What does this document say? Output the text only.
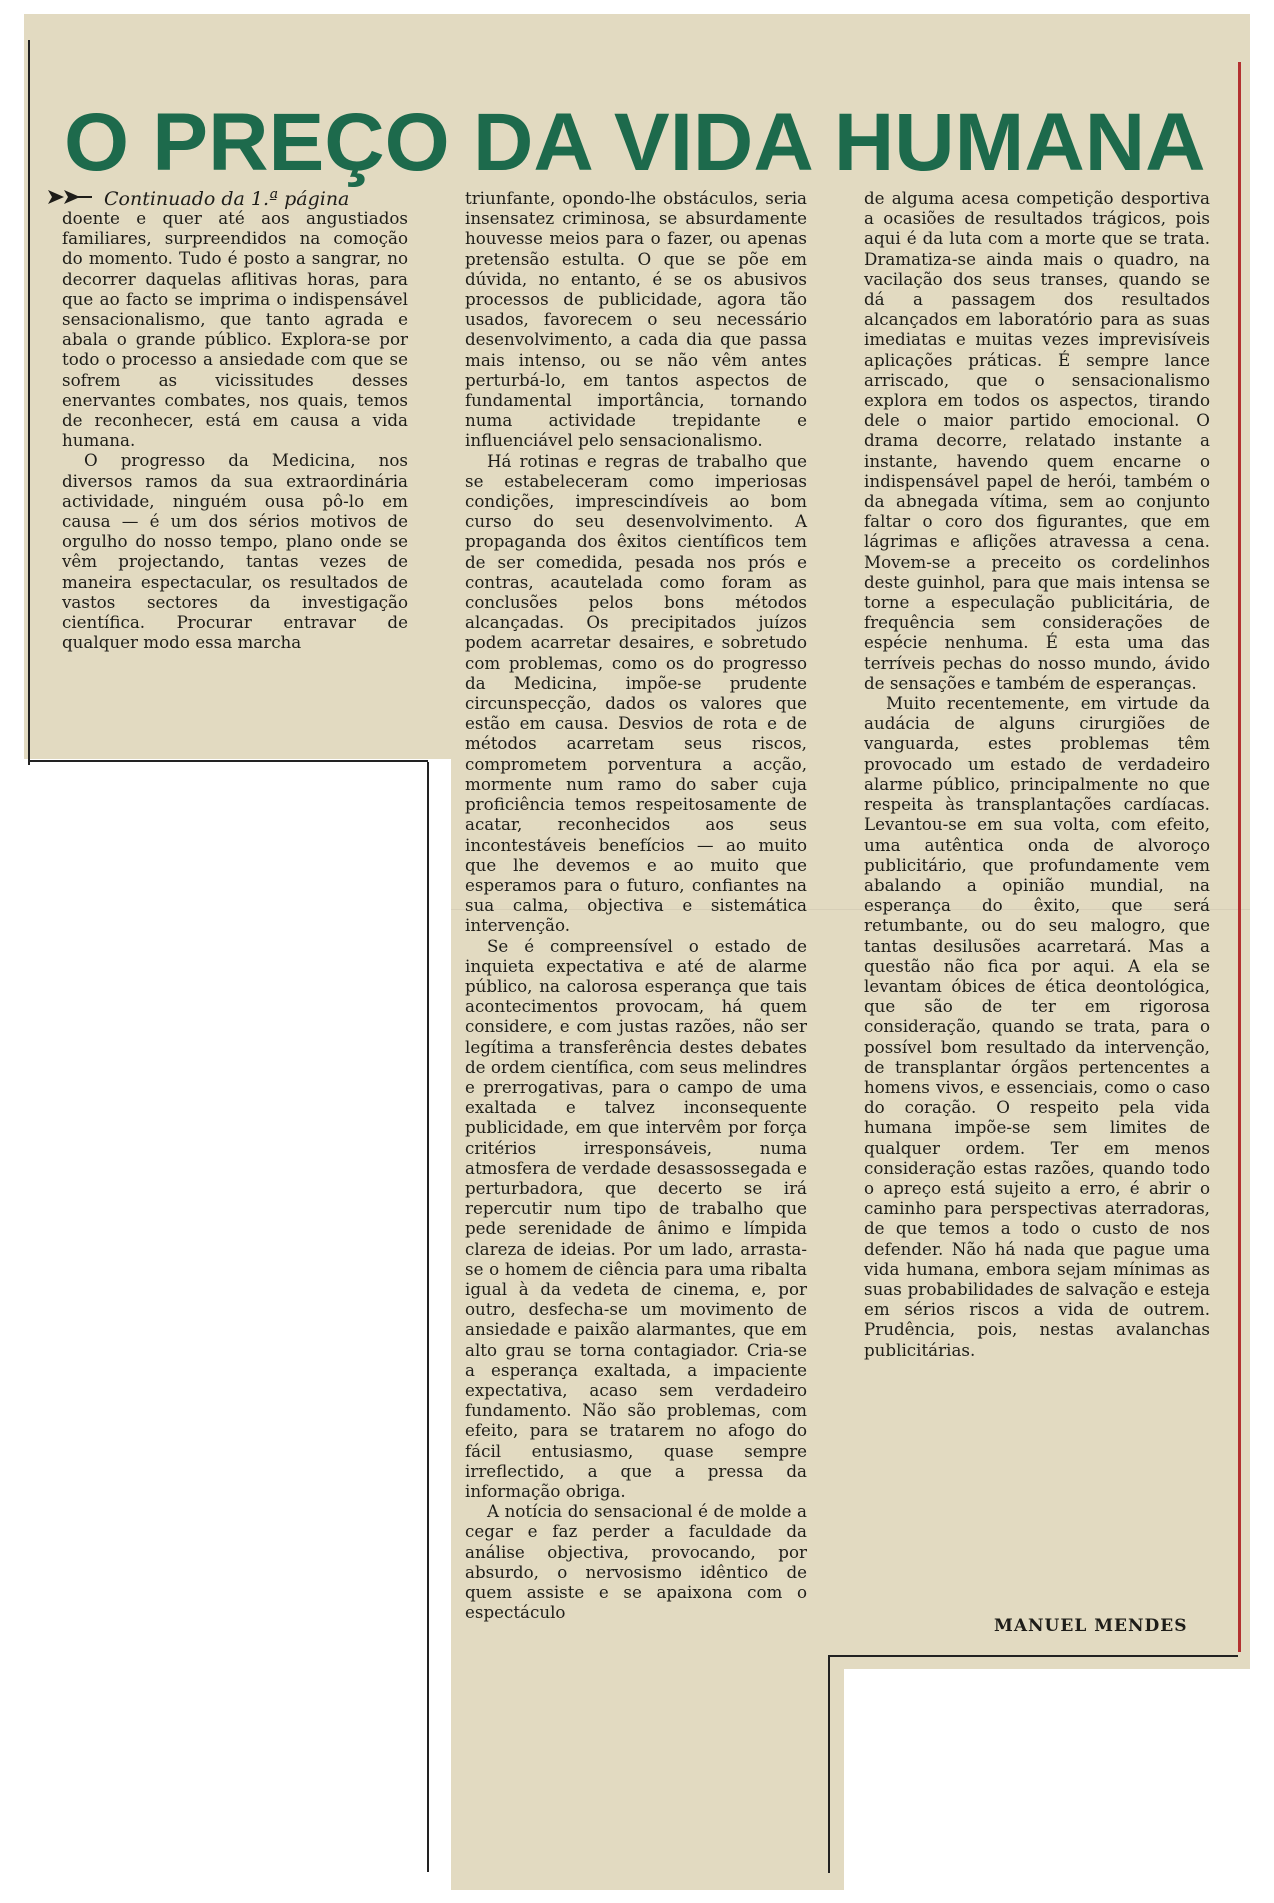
O PREÇO DA VIDA HUMANA
Continuado da 1.ª página

doente e quer até aos angustiados familiares, surpreendidos na comoção do momento. Tudo é posto a sangrar, no decorrer daquelas aflitivas horas, para que ao facto se imprima o indispensável sensacionalismo, que tanto agrada e abala o grande público. Explora-se por todo o processo a ansiedade com que se sofrem as vicissitudes desses enervantes combates, nos quais, temos de reconhecer, está em causa a vida humana.

O progresso da Medicina, nos diversos ramos da sua extraordinária actividade, ninguém ousa pô-lo em causa — é um dos sérios motivos de orgulho do nosso tempo, plano onde se vêm projectando, tantas vezes de maneira espectacular, os resultados de vastos sectores da investigação científica. Procurar entravar de qualquer modo essa marcha

triunfante, opondo-lhe obstáculos, seria insensatez criminosa, se absurdamente houvesse meios para o fazer, ou apenas pretensão estulta. O que se põe em dúvida, no entanto, é se os abusivos processos de publicidade, agora tão usados, favorecem o seu necessário desenvolvimento, a cada dia que passa mais intenso, ou se não vêm antes perturbá-lo, em tantos aspectos de fundamental importância, tornando numa actividade trepidante e influenciável pelo sensacionalismo.

Há rotinas e regras de trabalho que se estabeleceram como imperiosas condições, imprescindíveis ao bom curso do seu desenvolvimento. A propaganda dos êxitos científicos tem de ser comedida, pesada nos prós e contras, acautelada como foram as conclusões pelos bons métodos alcançadas. Os precipitados juízos podem acarretar desaires, e sobretudo com problemas, como os do progresso da Medicina, impõe-se prudente circunspecção, dados os valores que estão em causa. Desvios de rota e de métodos acarretam seus riscos, comprometem porventura a acção, mormente num ramo do saber cuja proficiência temos respeitosamente de acatar, reconhecidos aos seus incontestáveis benefícios — ao muito que lhe devemos e ao muito que esperamos para o futuro, confiantes na sua calma, objectiva e sistemática intervenção.

Se é compreensível o estado de inquieta expectativa e até de alarme público, na calorosa esperança que tais acontecimentos provocam, há quem considere, e com justas razões, não ser legítima a transferência destes debates de ordem científica, com seus melindres e prerrogativas, para o campo de uma exaltada e talvez inconsequente publicidade, em que intervêm por força critérios irresponsáveis, numa atmosfera de verdade desassossegada e perturbadora, que decerto se irá repercutir num tipo de trabalho que pede serenidade de ânimo e límpida clareza de ideias. Por um lado, arrasta-se o homem de ciência para uma ribalta igual à da vedeta de cinema, e, por outro, desfecha-se um movimento de ansiedade e paixão alarmantes, que em alto grau se torna contagiador. Cria-se a esperança exaltada, a impaciente expectativa, acaso sem verdadeiro fundamento. Não são problemas, com efeito, para se tratarem no afogo do fácil entusiasmo, quase sempre irreflectido, a que a pressa da informação obriga.

A notícia do sensacional é de molde a cegar e faz perder a faculdade da análise objectiva, provocando, por absurdo, o nervosismo idêntico de quem assiste e se apaixona com o espectáculo

de alguma acesa competição desportiva a ocasiões de resultados trágicos, pois aqui é da luta com a morte que se trata. Dramatiza-se ainda mais o quadro, na vacilação dos seus transes, quando se dá a passagem dos resultados alcançados em laboratório para as suas imediatas e muitas vezes imprevisíveis aplicações práticas. É sempre lance arriscado, que o sensacionalismo explora em todos os aspectos, tirando dele o maior partido emocional. O drama decorre, relatado instante a instante, havendo quem encarne o indispensável papel de herói, também o da abnegada vítima, sem ao conjunto faltar o coro dos figurantes, que em lágrimas e aflições atravessa a cena. Movem-se a preceito os cordelinhos deste guinhol, para que mais intensa se torne a especulação publicitária, de frequência sem considerações de espécie nenhuma. É esta uma das terríveis pechas do nosso mundo, ávido de sensações e também de esperanças.

Muito recentemente, em virtude da audácia de alguns cirurgiões de vanguarda, estes problemas têm provocado um estado de verdadeiro alarme público, principalmente no que respeita às transplantações cardíacas. Levantou-se em sua volta, com efeito, uma autêntica onda de alvoroço publicitário, que profundamente vem abalando a opinião mundial, na esperança do êxito, que será retumbante, ou do seu malogro, que tantas desilusões acarretará. Mas a questão não fica por aqui. A ela se levantam óbices de ética deontológica, que são de ter em rigorosa consideração, quando se trata, para o possível bom resultado da intervenção, de transplantar órgãos pertencentes a homens vivos, e essenciais, como o caso do coração. O respeito pela vida humana impõe-se sem limites de qualquer ordem. Ter em menos consideração estas razões, quando todo o apreço está sujeito a erro, é abrir o caminho para perspectivas aterradoras, de que temos a todo o custo de nos defender. Não há nada que pague uma vida humana, embora sejam mínimas as suas probabilidades de salvação e esteja em sérios riscos a vida de outrem. Prudência, pois, nestas avalanchas publicitárias.

MANUEL MENDES
